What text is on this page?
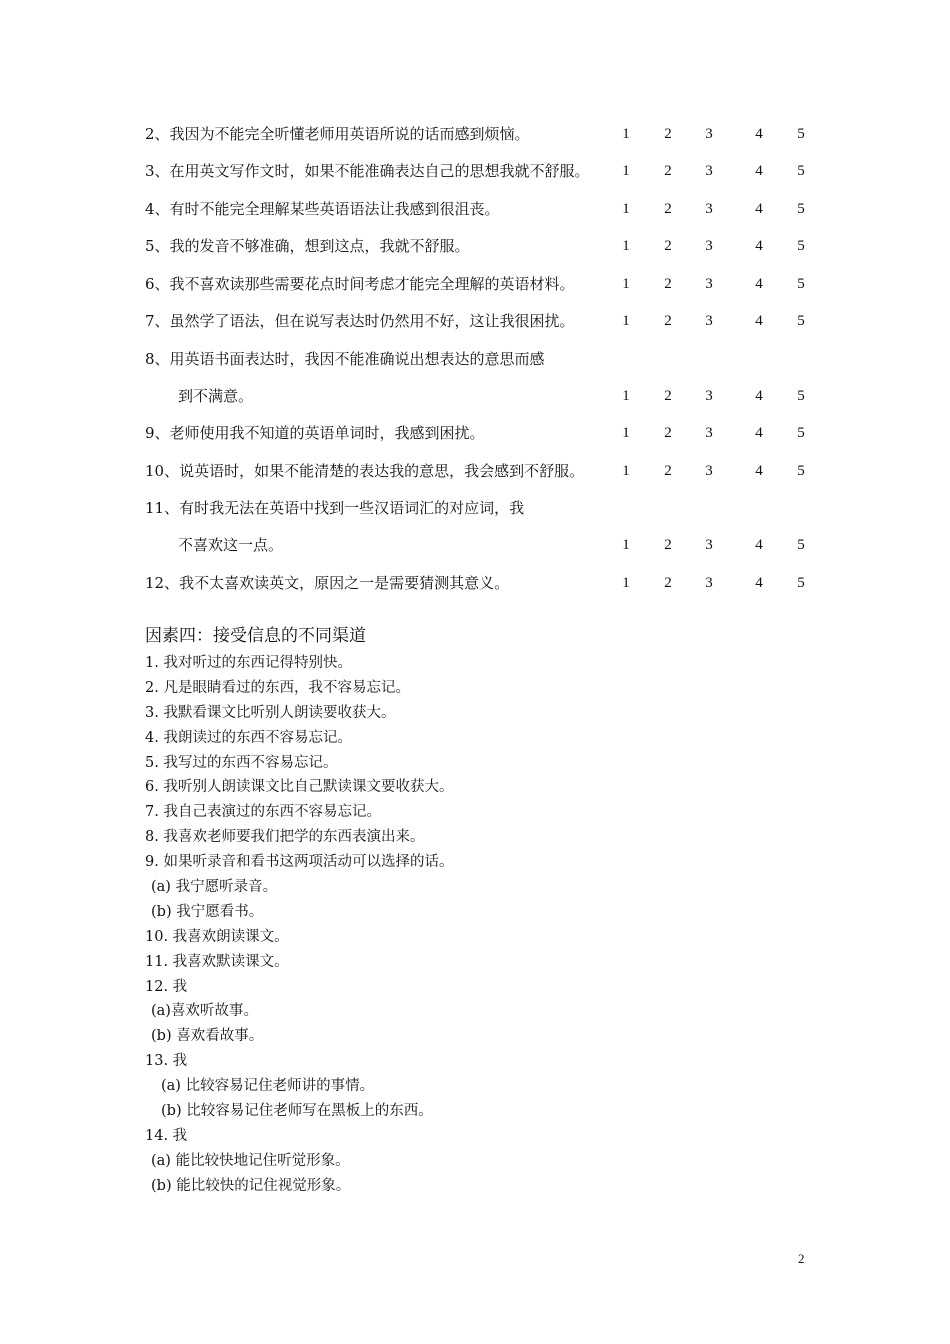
2、我因为不能完全听懂老师用英语所说的话而感到烦恼。	1 2 3	4 5
3、在用英文写作文时，如果不能准确表达自己的思想我就不舒服。 1 2 3	4 5
4、有时不能完全理解某些英语语法让我感到很沮丧。	1 2 3	4 5
5、我的发音不够准确，想到这点，我就不舒服。	1 2 3	4 5
6、我不喜欢读那些需要花点时间考虑才能完全理解的英语材料。	1 2 3	4 5
7、虽然学了语法，但在说写表达时仍然用不好，这让我很困扰。	1 2 3	4 5
8、用英语书面表达时，我因不能准确说出想表达的意思而感
到不满意。	1 2 3	4 5
9、老师使用我不知道的英语单词时，我感到困扰。	1 2 3	4 5
10、说英语时，如果不能清楚的表达我的意思，我会感到不舒服。	1 2 3	4 5
11、有时我无法在英语中找到一些汉语词汇的对应词，我
不喜欢这一点。	1 2 3	4 5
12、我不太喜欢读英文，原因之一是需要猜测其意义。	1 2 3	4 5
因素四：接受信息的不同渠道
1. 我对听过的东西记得特别快。
2. 凡是眼睛看过的东西，我不容易忘记。
3. 我默看课文比听别人朗读要收获大。
4. 我朗读过的东西不容易忘记。
5. 我写过的东西不容易忘记。
6. 我听别人朗读课文比自己默读课文要收获大。
7. 我自己表演过的东西不容易忘记。
8. 我喜欢老师要我们把学的东西表演出来。
9. 如果听录音和看书这两项活动可以选择的话。
(a) 我宁愿听录音。
(b) 我宁愿看书。
10. 我喜欢朗读课文。
11. 我喜欢默读课文。
12. 我
(a)喜欢听故事。
(b) 喜欢看故事。
13. 我
(a) 比较容易记住老师讲的事情。
(b) 比较容易记住老师写在黑板上的东西。
14. 我
(a) 能比较快地记住听觉形象。
(b) 能比较快的记住视觉形象。
2
